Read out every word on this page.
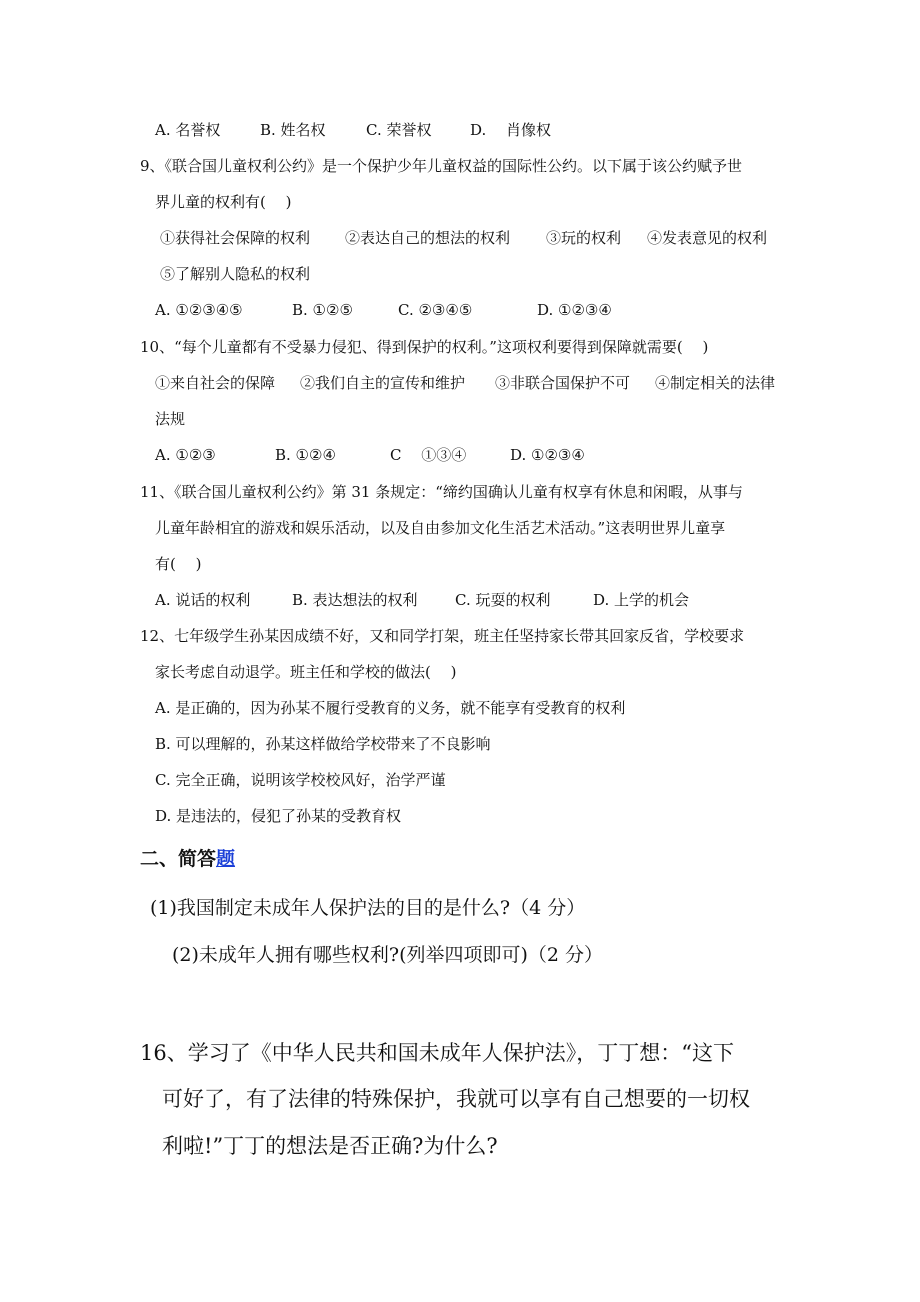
A. 名誉权	B. 姓名权	C. 荣誉权	D.　 肖像权
9、《联合国儿童权利公约》是一个保护少年儿童权益的国际性公约。以下属于该公约赋予世
界儿童的权利有(　 )
①获得社会保障的权利 ②表达自己的想法的权利 ③玩的权利 ④发表意见的权利
⑤了解别人隐私的权利
A. ①②③④⑤	B. ①②⑤	C. ②③④⑤	D. ①②③④
10、“每个儿童都有不受暴力侵犯、得到保护的权利。”这项权利要得到保障就需要(　 )
①来自社会的保障 ②我们自主的宣传和维护 ③非联合国保护不可 ④制定相关的法律
法规
A. ①②③	B. ①②④	C　 ①③④	D. ①②③④
11、《联合国儿童权利公约》第 31 条规定：“缔约国确认儿童有权享有休息和闲暇，从事与
儿童年龄相宜的游戏和娱乐活动，以及自由参加文化生活艺术活动。”这表明世界儿童享
有(　 )
A. 说话的权利	B. 表达想法的权利 C. 玩耍的权利	D. 上学的机会
12、七年级学生孙某因成绩不好，又和同学打架，班主任坚持家长带其回家反省，学校要求
家长考虑自动退学。班主任和学校的做法(　 )
A. 是正确的，因为孙某不履行受教育的义务，就不能享有受教育的权利
B. 可以理解的，孙某这样做给学校带来了不良影响
C. 完全正确，说明该学校校风好，治学严谨
D. 是违法的，侵犯了孙某的受教育权
二、简答题
(1)我国制定未成年人保护法的目的是什么?（4 分）
(2)未成年人拥有哪些权利?(列举四项即可)（2 分）
16、学习了《中华人民共和国未成年人保护法》，丁丁想：“这下
可好了，有了法律的特殊保护，我就可以享有自己想要的一切权
利啦!”丁丁的想法是否正确?为什么?
